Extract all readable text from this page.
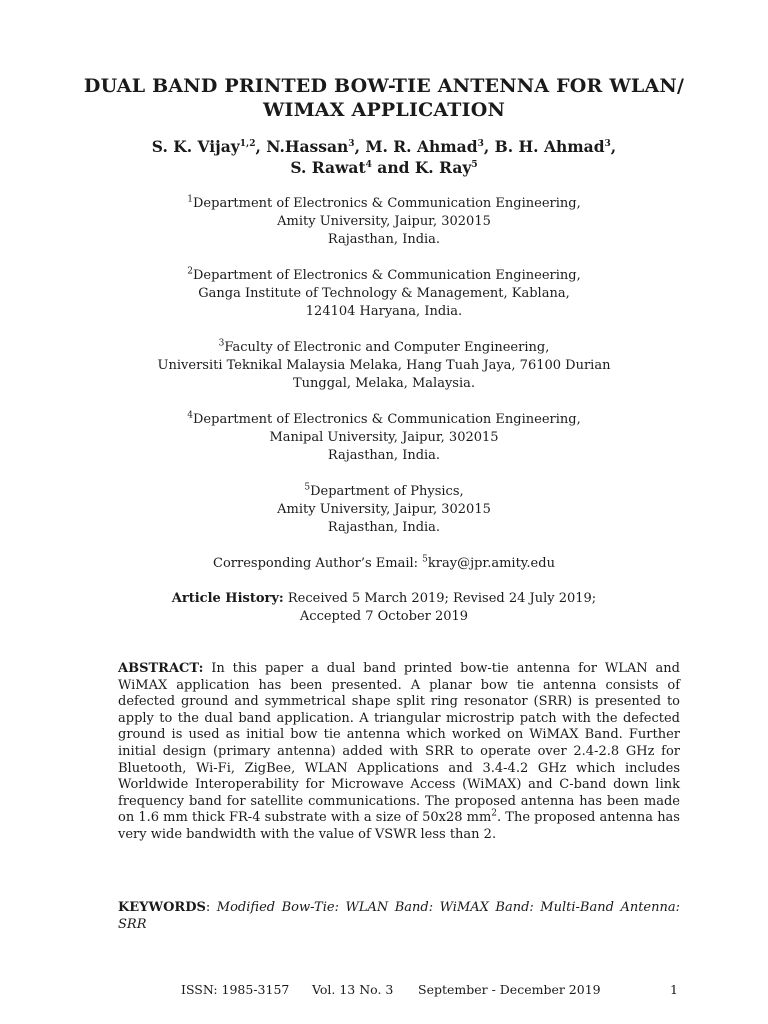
DUAL BAND PRINTED BOW-TIE ANTENNA FOR WLAN/
WIMAX APPLICATION
S. K. Vijay$^{1,2}$, N.Hassan$^3$, M. R. Ahmad$^3$, B. H. Ahmad$^3$,
S. Rawat$^4$ and K. Ray$^5$
$^1$Department of Electronics & Communication Engineering,
Amity University, Jaipur, 302015
Rajasthan, India.
$^2$Department of Electronics & Communication Engineering,
Ganga Institute of Technology & Management, Kablana,
124104 Haryana, India.
$^3$Faculty of Electronic and Computer Engineering,
Universiti Teknikal Malaysia Melaka, Hang Tuah Jaya, 76100 Durian
Tunggal, Melaka, Malaysia.
$^4$Department of Electronics & Communication Engineering,
Manipal University, Jaipur, 302015
Rajasthan, India.
$^5$Department of Physics,
Amity University, Jaipur, 302015
Rajasthan, India.
Corresponding Author’s Email: $^5$kray@jpr.amity.edu
Article History: Received 5 March 2019; Revised 24 July 2019;
Accepted 7 October 2019
ABSTRACT: In this paper a dual band printed bow-tie antenna for WLAN and WiMAX application has been presented. A planar bow tie antenna consists of defected ground and symmetrical shape split ring resonator (SRR) is presented to apply to the dual band application. A triangular microstrip patch with the defected ground is used as initial bow tie antenna which worked on WiMAX Band. Further initial design (primary antenna) added with SRR to operate over 2.4-2.8 GHz for Bluetooth, Wi-Fi, ZigBee, WLAN Applications and 3.4-4.2 GHz which includes Worldwide Interoperability for Microwave Access (WiMAX) and C-band down link frequency band for satellite communications. The proposed antenna has been made on 1.6 mm thick FR-4 substrate with a size of 50x28 $mm^2$. The proposed antenna has very wide bandwidth with the value of VSWR less than 2.
KEYWORDS: Modified Bow-Tie: WLAN Band: WiMAX Band: Multi-Band Antenna: SRR
ISSN: 1985-3157 Vol. 13 No. 3 September - December 2019	1
